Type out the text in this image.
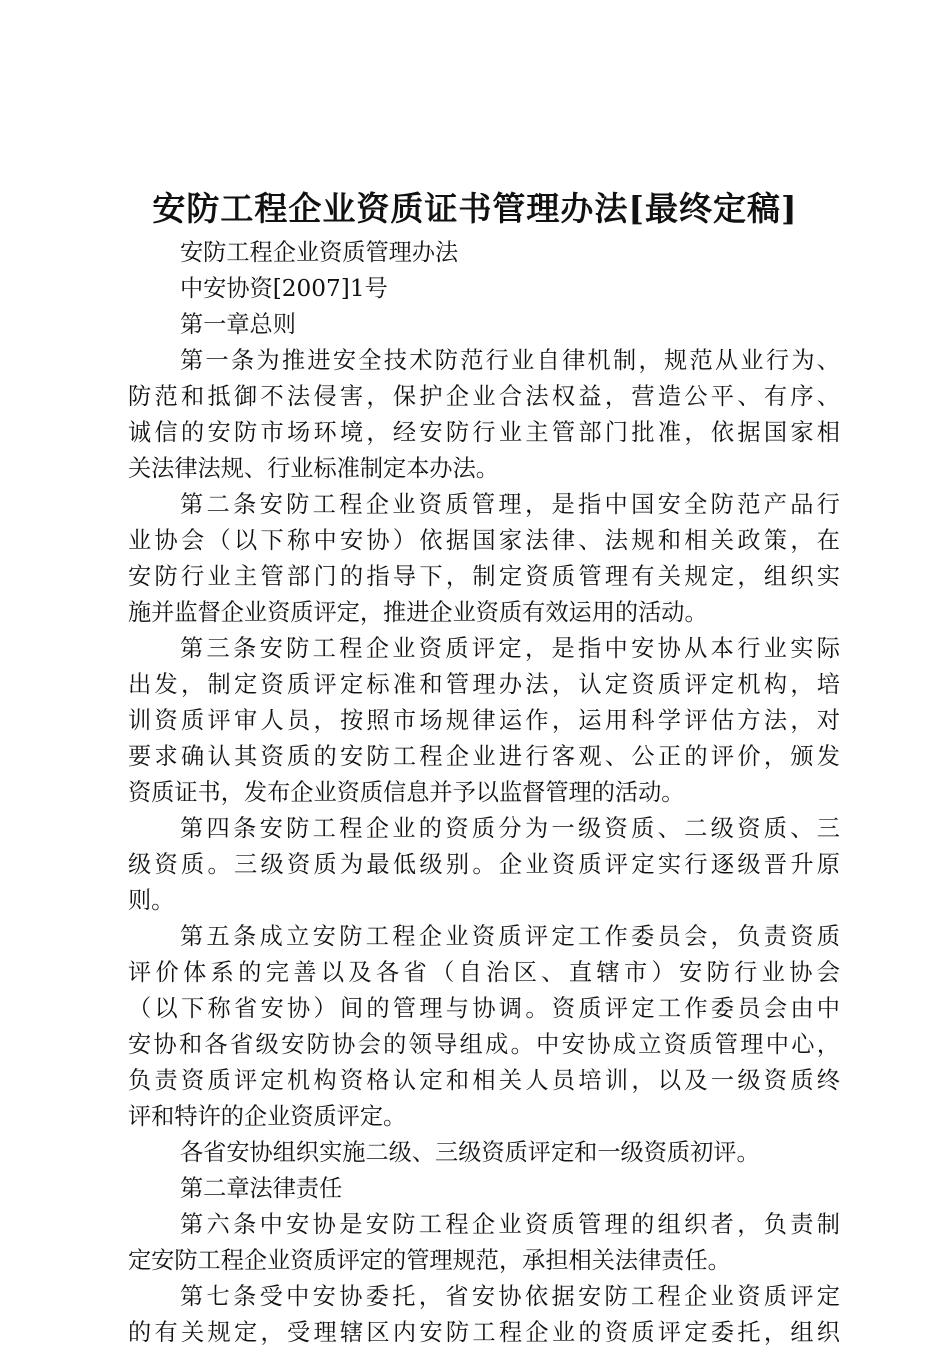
安防工程企业资质证书管理办法[最终定稿]
安防工程企业资质管理办法
中安协资[2007]1号
第一章总则
第一条为推进安全技术防范行业自律机制，规范从业行为、
防范和抵御不法侵害，保护企业合法权益，营造公平、有序、
诚信的安防市场环境，经安防行业主管部门批准，依据国家相
关法律法规、行业标准制定本办法。
第二条安防工程企业资质管理，是指中国安全防范产品行
业协会（以下称中安协）依据国家法律、法规和相关政策，在
安防行业主管部门的指导下，制定资质管理有关规定，组织实
施并监督企业资质评定，推进企业资质有效运用的活动。
第三条安防工程企业资质评定，是指中安协从本行业实际
出发，制定资质评定标准和管理办法，认定资质评定机构，培
训资质评审人员，按照市场规律运作，运用科学评估方法，对
要求确认其资质的安防工程企业进行客观、公正的评价，颁发
资质证书，发布企业资质信息并予以监督管理的活动。
第四条安防工程企业的资质分为一级资质、二级资质、三
级资质。三级资质为最低级别。企业资质评定实行逐级晋升原
则。
第五条成立安防工程企业资质评定工作委员会，负责资质
评价体系的完善以及各省（自治区、直辖市）安防行业协会
（以下称省安协）间的管理与协调。资质评定工作委员会由中
安协和各省级安防协会的领导组成。中安协成立资质管理中心，
负责资质评定机构资格认定和相关人员培训，以及一级资质终
评和特许的企业资质评定。
各省安协组织实施二级、三级资质评定和一级资质初评。
第二章法律责任
第六条中安协是安防工程企业资质管理的组织者，负责制
定安防工程企业资质评定的管理规范，承担相关法律责任。
第七条受中安协委托，省安协依据安防工程企业资质评定
的有关规定，受理辖区内安防工程企业的资质评定委托，组织
